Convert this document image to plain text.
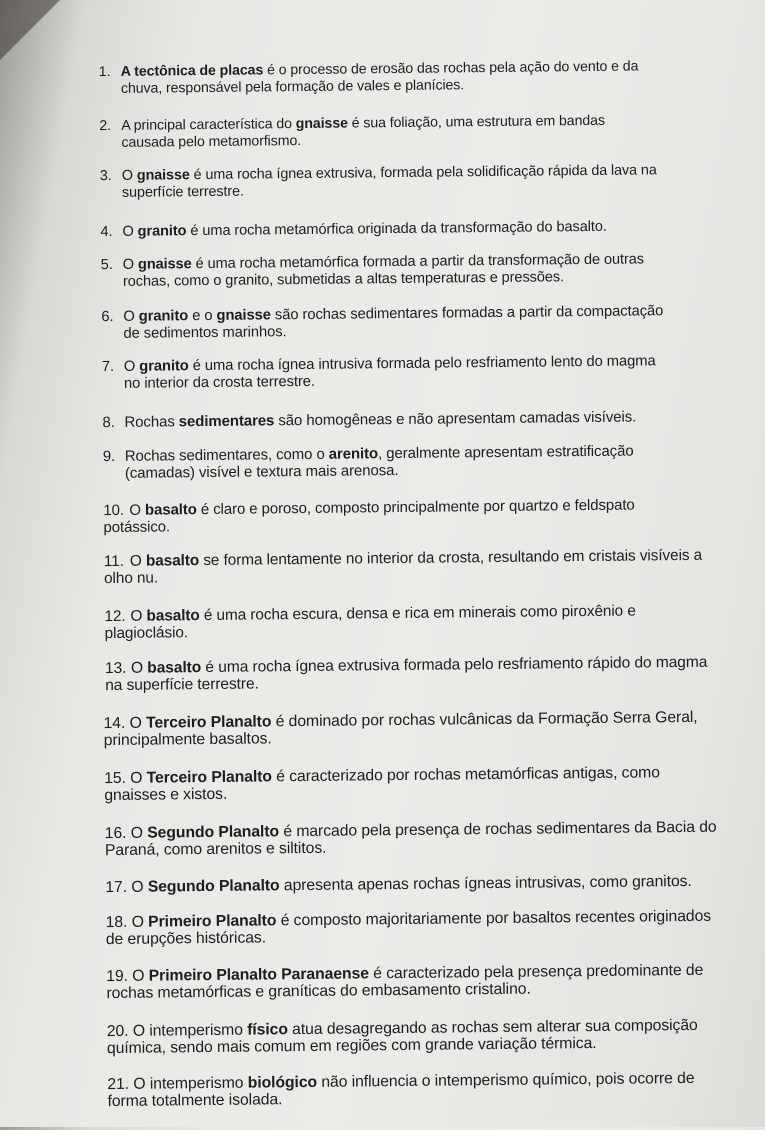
1. A tectônica de placas é o processo de erosão das rochas pela ação do vento e da
chuva, responsável pela formação de vales e planícies.
2. A principal característica do gnaisse é sua foliação, uma estrutura em bandas
causada pelo metamorfismo.
3. O gnaisse é uma rocha ígnea extrusiva, formada pela solidificação rápida da lava na
superfície terrestre.
4. O granito é uma rocha metamórfica originada da transformação do basalto.
5. O gnaisse é uma rocha metamórfica formada a partir da transformação de outras
rochas, como o granito, submetidas a altas temperaturas e pressões.
6. O granito e o gnaisse são rochas sedimentares formadas a partir da compactação
de sedimentos marinhos.
7. O granito é uma rocha ígnea intrusiva formada pelo resfriamento lento do magma
no interior da crosta terrestre.
8. Rochas sedimentares são homogêneas e não apresentam camadas visíveis.
9. Rochas sedimentares, como o arenito, geralmente apresentam estratificação
(camadas) visível e textura mais arenosa.
10. O basalto é claro e poroso, composto principalmente por quartzo e feldspato
potássico.
11. O basalto se forma lentamente no interior da crosta, resultando em cristais visíveis a
olho nu.
12. O basalto é uma rocha escura, densa e rica em minerais como piroxênio e
plagioclásio.
13. O basalto é uma rocha ígnea extrusiva formada pelo resfriamento rápido do magma
na superfície terrestre.
14. O Terceiro Planalto é dominado por rochas vulcânicas da Formação Serra Geral,
principalmente basaltos.
15. O Terceiro Planalto é caracterizado por rochas metamórficas antigas, como
gnaisses e xistos.
16. O Segundo Planalto é marcado pela presença de rochas sedimentares da Bacia do
Paraná, como arenitos e siltitos.
17. O Segundo Planalto apresenta apenas rochas ígneas intrusivas, como granitos.
18. O Primeiro Planalto é composto majoritariamente por basaltos recentes originados
de erupções históricas.
19. O Primeiro Planalto Paranaense é caracterizado pela presença predominante de
rochas metamórficas e graníticas do embasamento cristalino.
20. O intemperismo físico atua desagregando as rochas sem alterar sua composição
química, sendo mais comum em regiões com grande variação térmica.
21. O intemperismo biológico não influencia o intemperismo químico, pois ocorre de
forma totalmente isolada.
